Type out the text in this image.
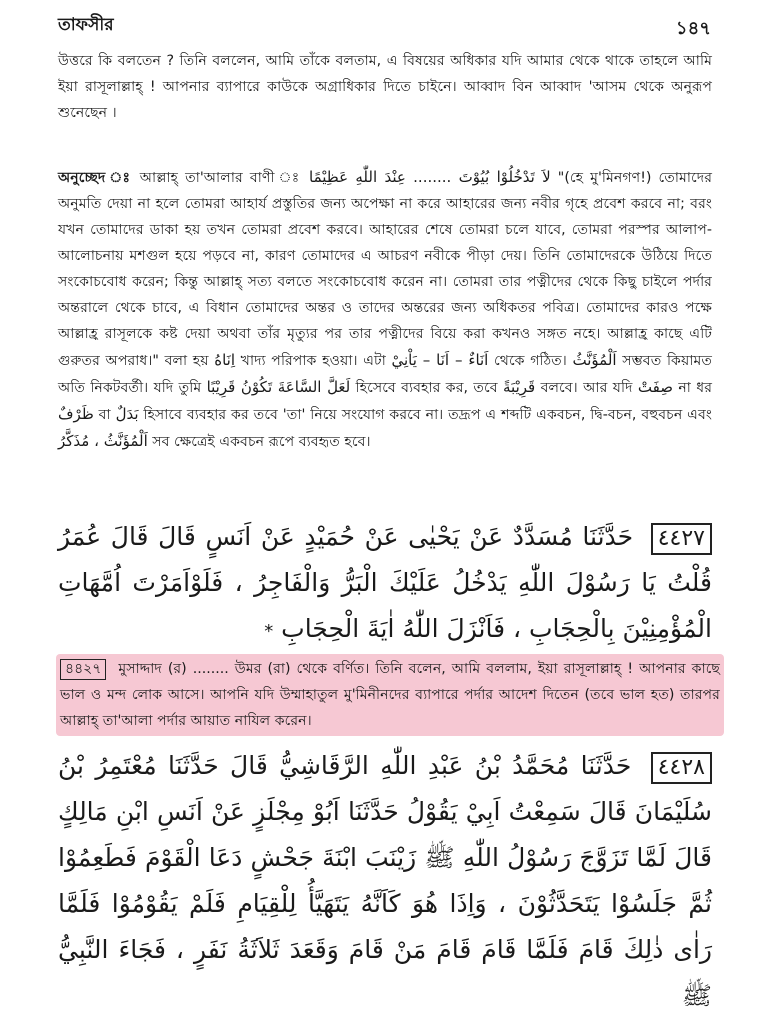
তাফসীর	১৪৭
উত্তরে কি বলতেন ? তিনি বললেন, আমি তাঁকে বলতাম, এ বিষয়ের অধিকার যদি আমার থেকে থাকে তাহলে আমি ইয়া রাসূলাল্লাহ্ ! আপনার ব্যাপারে কাউকে অগ্রাধিকার দিতে চাইনে। আব্বাদ বিন আব্বাদ 'আসম থেকে অনুরূপ শুনেছেন ।
অনুচ্ছেদ ঃ আল্লাহ্ তা'আলার বাণী ঃ لاَ تَدْخُلُوْا بُيُوْتَ ........ عِنْدَ اللّٰهِ عَظِيْمًا "(হে মু'মিনগণ!) তোমাদের অনুমতি দেয়া না হলে তোমরা আহার্য প্রস্তুতির জন্য অপেক্ষা না করে আহারের জন্য নবীর গৃহে প্রবেশ করবে না; বরং যখন তোমাদের ডাকা হয় তখন তোমরা প্রবেশ করবে। আহারের শেষে তোমরা চলে যাবে, তোমরা পরস্পর আলাপ-আলোচনায় মশগুল হয়ে পড়বে না, কারণ তোমাদের এ আচরণ নবীকে পীড়া দেয়। তিনি তোমাদেরকে উঠিয়ে দিতে সংকোচবোধ করেন; কিন্তু আল্লাহ্ সত্য বলতে সংকোচবোধ করেন না। তোমরা তার পত্নীদের থেকে কিছু চাইলে পর্দার অন্তরালে থেকে চাবে, এ বিধান তোমাদের অন্তর ও তাদের অন্তরের জন্য অধিকতর পবিত্র। তোমাদের কারও পক্ষে আল্লাহ্র রাসূলকে কষ্ট দেয়া অথবা তাঁর মৃত্যুর পর তার পত্নীদের বিয়ে করা কখনও সঙ্গত নহে। আল্লাহ্র কাছে এটি গুরুতর অপরাধ।" বলা হয় اِنَاهُ খাদ্য পরিপাক হওয়া। এটা اَنَاءٌ – اَنَا – يَاْنِيْ থেকে গঠিত। اَلْمُؤَنَّثُ সম্ভবত কিয়ামত অতি নিকটবর্তী। যদি তুমি لَعَلَّ السَّاعَةَ تَكُوْنُ قَرِيْبًا হিসেবে ব্যবহার কর, তবে قَرِيْبَةً বলবে। আর যদি صِفَتْ না ধর ظَرْفٌ বা بَدَلٌ হিসাবে ব্যবহার কর তবে 'তা' নিয়ে সংযোগ করবে না। তদ্রূপ এ শব্দটি একবচন, দ্বি-বচন, বহুবচন এবং اَلْمُؤَنَّثُ ، مُذَكَّرُ সব ক্ষেত্রেই একবচন রূপে ব্যবহৃত হবে।
٤٤٢٧ حَدَّثَنَا مُسَدَّدٌ عَنْ يَحْيٰى عَنْ حُمَيْدٍ عَنْ اَنَسٍ قَالَ قَالَ عُمَرُ قُلْتُ يَا رَسُوْلَ اللّٰهِ يَدْخُلُ عَلَيْكَ الْبَرُّ وَالْفَاجِرُ ، فَلَوْاَمَرْتَ اُمَّهَاتِ الْمُؤْمِنِيْنَ بِالْحِجَابِ ، فَاَنْزَلَ اللّٰهُ اٰيَةَ الْحِجَابِ *
৪৪২৭ মুসাদ্দাদ (র) ........ উমর (রা) থেকে বর্ণিত। তিনি বলেন, আমি বললাম, ইয়া রাসূলাল্লাহ্ ! আপনার কাছে ভাল ও মন্দ লোক আসে। আপনি যদি উম্মাহাতুল মু'মিনীনদের ব্যাপারে পর্দার আদেশ দিতেন (তবে ভাল হত) তারপর আল্লাহ্ তা'আলা পর্দার আয়াত নাযিল করেন।
٤٤٢٨ حَدَّثَنَا مُحَمَّدُ بْنُ عَبْدِ اللّٰهِ الرَّقَاشِيُّ قَالَ حَدَّثَنَا مُعْتَمِرُ بْنُ سُلَيْمَانَ قَالَ سَمِعْتُ اَبِيْ يَقُوْلُ حَدَّثَنَا اَبُوْ مِجْلَزٍ عَنْ اَنَسِ ابْنِ مَالِكٍ قَالَ لَمَّا تَزَوَّجَ رَسُوْلُ اللّٰهِ ﷺ زَيْنَبَ ابْنَةَ جَحْشٍ دَعَا الْقَوْمَ فَطَعِمُوْا ثُمَّ جَلَسُوْا يَتَحَدَّثُوْنَ ، وَاِذَا هُوَ كَاَنَّهُ يَتَهَيَّأُ لِلْقِيَامِ فَلَمْ يَقُوْمُوْا فَلَمَّا رَاٰى ذٰلِكَ قَامَ فَلَمَّا قَامَ قَامَ مَنْ قَامَ وَقَعَدَ ثَلاَثَةُ نَفَرٍ ، فَجَاءَ النَّبِيُّ ﷺ
